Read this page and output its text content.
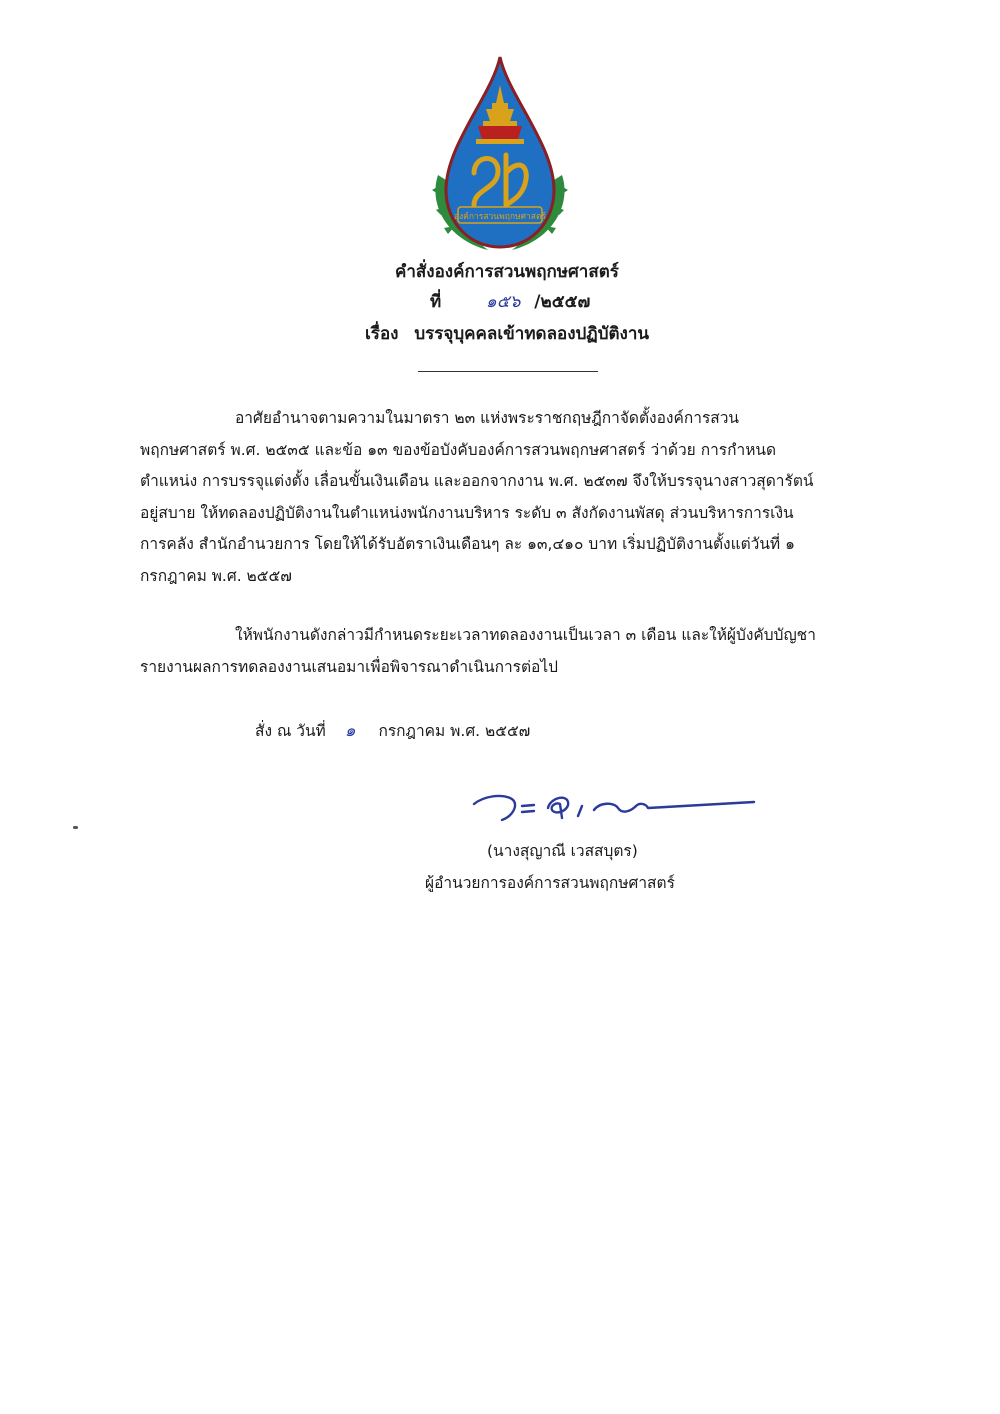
องค์การสวนพฤกษศาสตร์
คำสั่งองค์การสวนพฤกษศาสตร์
ที่	๑๕๖ /๒๕๕๗
เรื่อง บรรจุบุคคลเข้าทดลองปฏิบัติงาน
อาศัยอำนาจตามความในมาตรา ๒๓ แห่งพระราชกฤษฎีกาจัดตั้งองค์การสวน
พฤกษศาสตร์ พ.ศ. ๒๕๓๕ และข้อ ๑๓ ของข้อบังคับองค์การสวนพฤกษศาสตร์ ว่าด้วย การกำหนด
ตำแหน่ง การบรรจุแต่งตั้ง เลื่อนขั้นเงินเดือน และออกจากงาน พ.ศ. ๒๕๓๗ จึงให้บรรจุนางสาวสุดารัตน์
อยู่สบาย ให้ทดลองปฏิบัติงานในตำแหน่งพนักงานบริหาร ระดับ ๓ สังกัดงานพัสดุ ส่วนบริหารการเงิน
การคลัง สำนักอำนวยการ โดยให้ได้รับอัตราเงินเดือนๆ ละ ๑๓,๔๑๐ บาท เริ่มปฏิบัติงานตั้งแต่วันที่ ๑
กรกฎาคม พ.ศ. ๒๕๕๗
ให้พนักงานดังกล่าวมีกำหนดระยะเวลาทดลองงานเป็นเวลา ๓ เดือน และให้ผู้บังคับบัญชา
รายงานผลการทดลองงานเสนอมาเพื่อพิจารณาดำเนินการต่อไป
สั่ง ณ วันที่ ๑ กรกฎาคม พ.ศ. ๒๕๕๗
(นางสุญาณี เวสสบุตร)
ผู้อำนวยการองค์การสวนพฤกษศาสตร์
